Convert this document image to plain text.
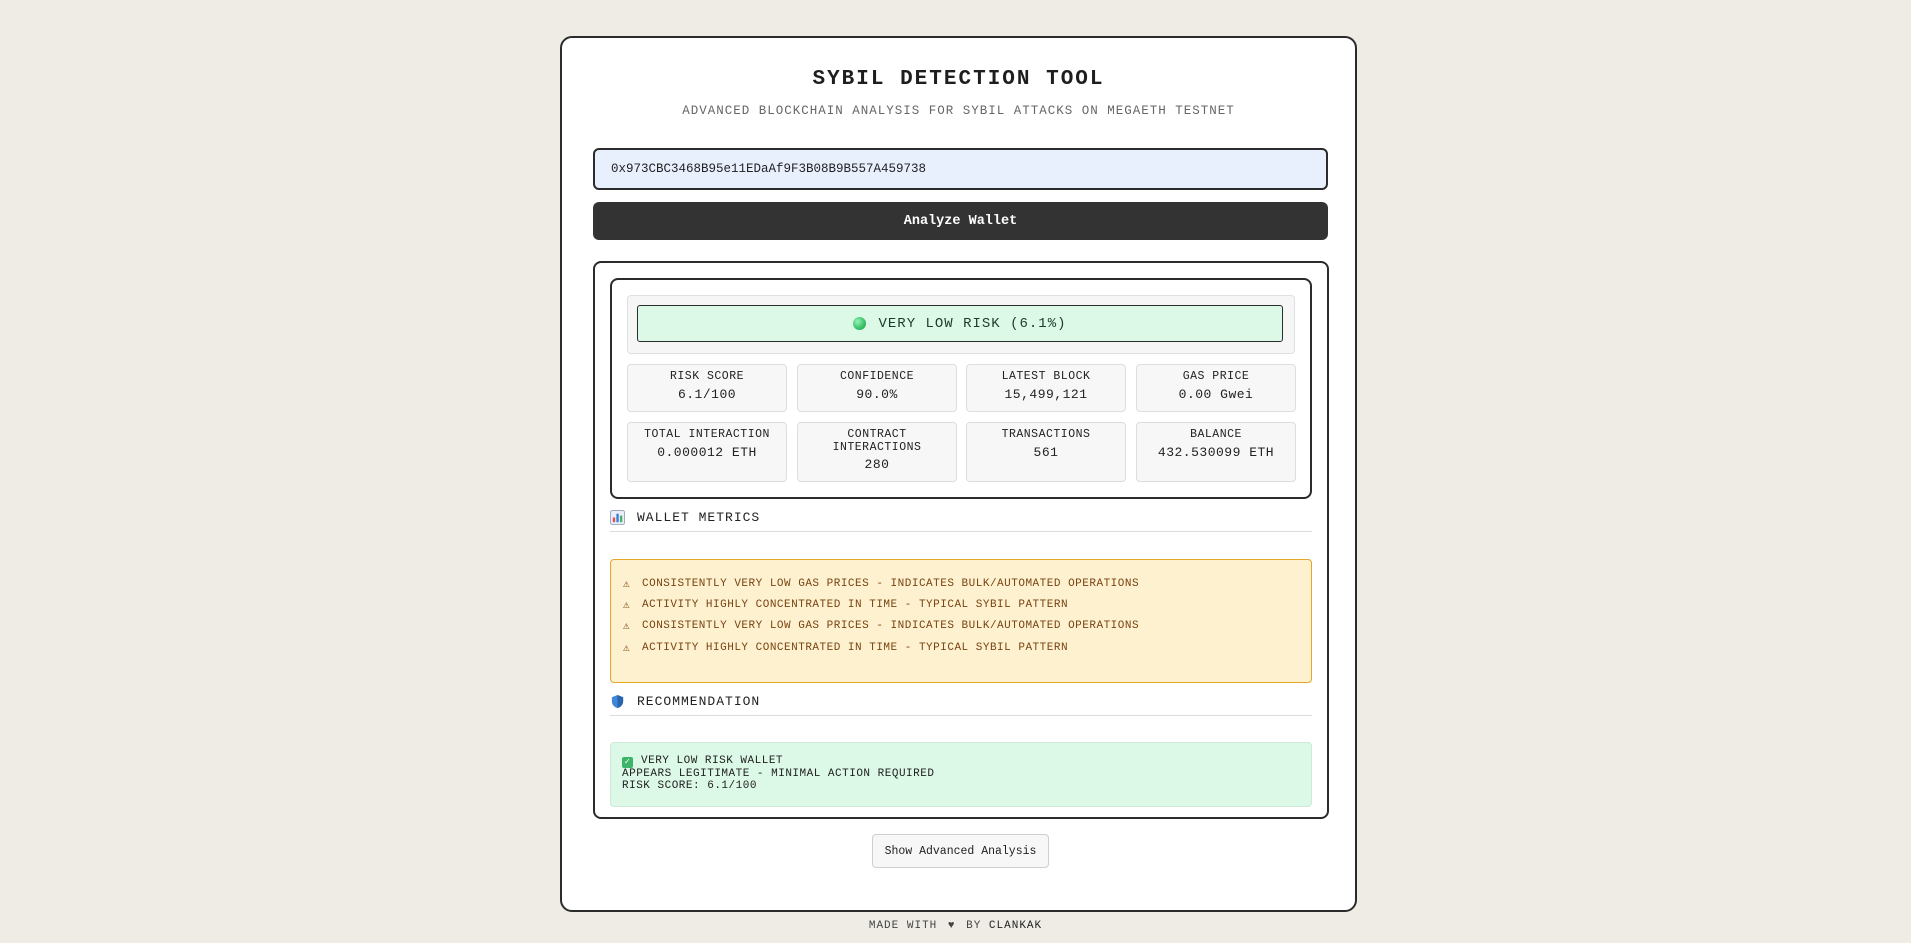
SYBIL DETECTION TOOL
ADVANCED BLOCKCHAIN ANALYSIS FOR SYBIL ATTACKS ON MEGAETH TESTNET
0x973CBC3468B95e11EDaAf9F3B08B9B557A459738
Analyze Wallet
VERY LOW RISK (6.1%)
RISK SCORE
6.1/100
CONFIDENCE
90.0%
LATEST BLOCK
15,499,121
GAS PRICE
0.00 Gwei
TOTAL INTERACTION
0.000012 ETH
CONTRACT INTERACTIONS
280
TRANSACTIONS
561
BALANCE
432.530099 ETH
WALLET METRICS
⚠	CONSISTENTLY VERY LOW GAS PRICES - INDICATES BULK/AUTOMATED OPERATIONS
⚠	ACTIVITY HIGHLY CONCENTRATED IN TIME - TYPICAL SYBIL PATTERN
⚠	CONSISTENTLY VERY LOW GAS PRICES - INDICATES BULK/AUTOMATED OPERATIONS
⚠	ACTIVITY HIGHLY CONCENTRATED IN TIME - TYPICAL SYBIL PATTERN
RECOMMENDATION
✓ VERY LOW RISK WALLET
APPEARS LEGITIMATE - MINIMAL ACTION REQUIRED
RISK SCORE: 6.1/100
Show Advanced Analysis
MADE WITH ♥ BY CLANKAK
